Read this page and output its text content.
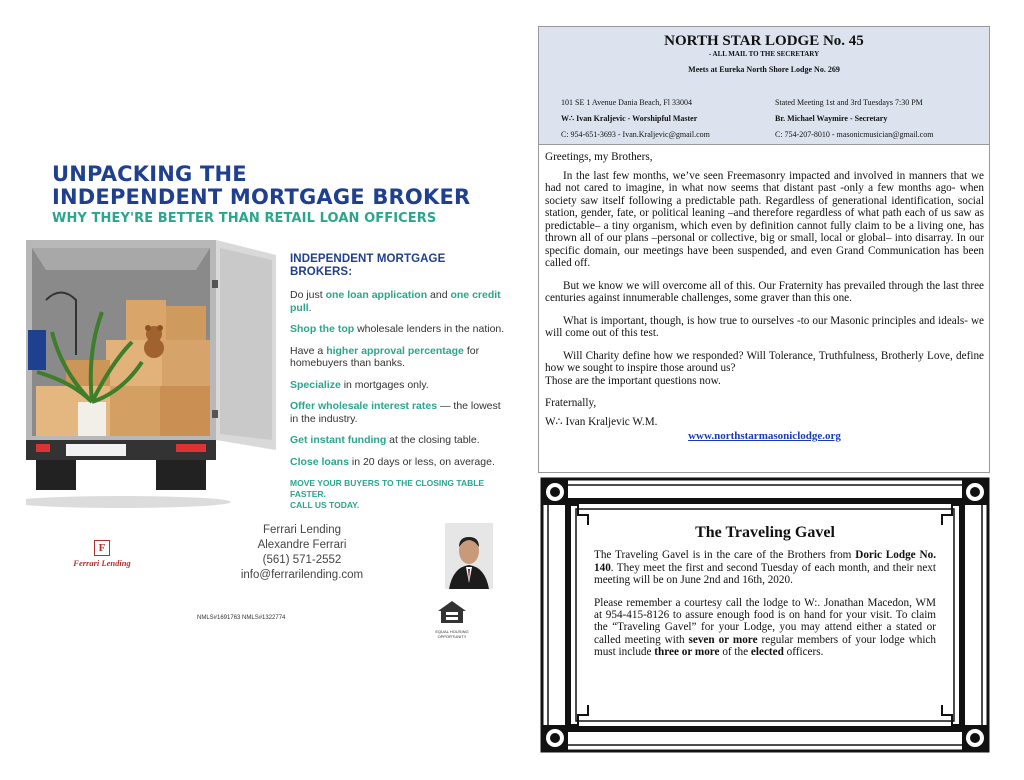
UNPACKING THE
INDEPENDENT MORTGAGE BROKER
WHY THEY'RE BETTER THAN RETAIL LOAN OFFICERS
INDEPENDENT MORTGAGE BROKERS:
Do just one loan application and one credit pull.
Shop the top wholesale lenders in the nation.
Have a higher approval percentage for homebuyers than banks.
Specialize in mortgages only.
Offer wholesale interest rates — the lowest in the industry.
Get instant funding at the closing table.
Close loans in 20 days or less, on average.
MOVE YOUR BUYERS TO THE CLOSING TABLE FASTER.
CALL US TODAY.
F
Ferrari Lending
Ferrari Lending
Alexandre Ferrari
(561) 571-2552
info@ferrarilending.com
NMLS#1691763 NMLS#1322774
EQUAL HOUSING
OPPORTUNITY
NORTH STAR LODGE No. 45
- ALL MAIL TO THE SECRETARY
Meets at Eureka North Shore Lodge No. 269
101 SE 1 Avenue Dania Beach, Fl 33004
W∴ Ivan Kraljevic - Worshipful Master
C: 954-651-3693 - Ivan.Kraljevic@gmail.com
Stated Meeting 1st and 3rd Tuesdays 7:30 PM
Br. Michael Waymire - Secretary
C: 754-207-8010 - masonicmusician@gmail.com

Greetings, my Brothers,

In the last few months, we’ve seen Freemasonry impacted and involved in manners that we had not cared to imagine, in what now seems that distant past -only a few months ago- when society saw itself following a predictable path. Regardless of generational identification, social station, gender, fate, or political leaning –and therefore regardless of what path each of us saw as predictable– a tiny organism, which even by definition cannot fully claim to be a living one, has thrown all of our plans –personal or collective, big or small, local or global– into disarray. In our specific domain, our meetings have been suspended, and even Grand Communication has been called off.

But we know we will overcome all of this. Our Fraternity has prevailed through the last three centuries against innumerable challenges, some graver than this one.

What is important, though, is how true to ourselves -to our Masonic principles and ideals- we will come out of this test.

Will Charity define how we responded? Will Tolerance, Truthfulness, Brotherly Love, define how we sought to inspire those around us?

Those are the important questions now.

Fraternally,

W∴ Ivan Kraljevic W.M.

www.northstarmasoniclodge.org
The Traveling Gavel

The Traveling Gavel is in the care of the Brothers from Doric Lodge No. 140. They meet the first and second Tuesday of each month, and their next meeting will be on June 2nd and 16th, 2020.

Please remember a courtesy call the lodge to W:. Jonathan Macedon, WM at 954-415-8126 to assure enough food is on hand for your visit. To claim the “Traveling Gavel” for your Lodge, you may attend either a stated or called meeting with seven or more regular members of your lodge which must include three or more of the elected officers.
